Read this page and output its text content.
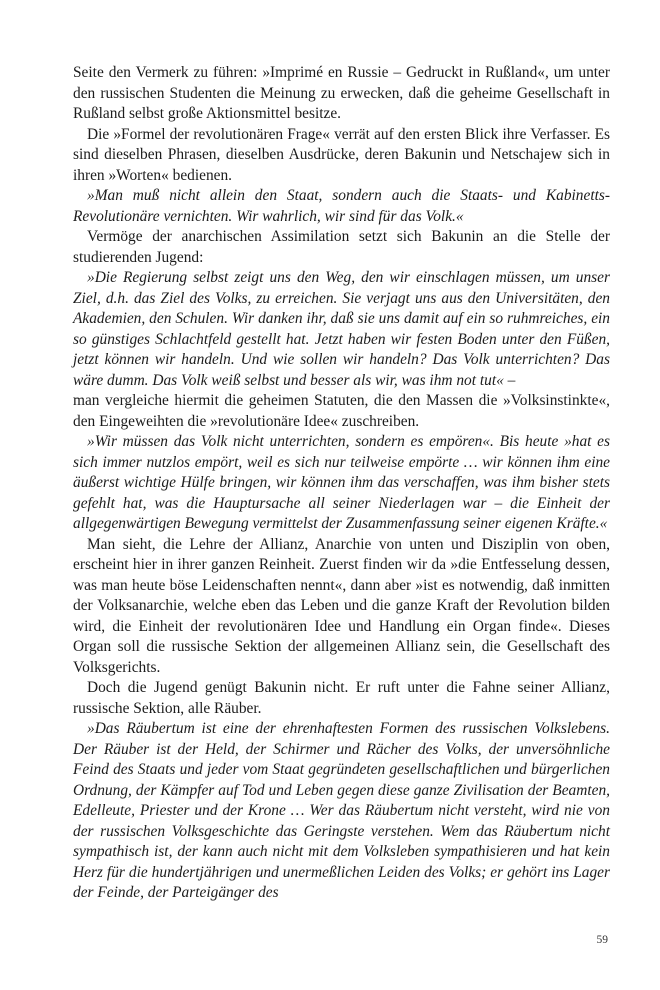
Seite den Vermerk zu führen: »Imprimé en Russie – Gedruckt in Rußland«, um unter den russischen Studenten die Meinung zu erwecken, daß die geheime Gesellschaft in Rußland selbst große Aktionsmittel besitze.

Die »Formel der revolutionären Frage« verrät auf den ersten Blick ihre Verfasser. Es sind dieselben Phrasen, dieselben Ausdrücke, deren Bakunin und Netschajew sich in ihren »Worten« bedienen.

»Man muß nicht allein den Staat, sondern auch die Staats- und Kabinetts-Revolutionäre vernichten. Wir wahrlich, wir sind für das Volk.«

Vermöge der anarchischen Assimilation setzt sich Bakunin an die Stelle der studierenden Jugend:

»Die Regierung selbst zeigt uns den Weg, den wir einschlagen müssen, um unser Ziel, d.h. das Ziel des Volks, zu erreichen. Sie verjagt uns aus den Universitäten, den Akademien, den Schulen. Wir danken ihr, daß sie uns damit auf ein so ruhmreiches, ein so günstiges Schlachtfeld gestellt hat. Jetzt haben wir festen Boden unter den Füßen, jetzt können wir handeln. Und wie sollen wir handeln? Das Volk unterrichten? Das wäre dumm. Das Volk weiß selbst und besser als wir, was ihm not tut« –

man vergleiche hiermit die geheimen Statuten, die den Massen die »Volksinstinkte«, den Eingeweihten die »revolutionäre Idee« zuschreiben.

»Wir müssen das Volk nicht unterrichten, sondern es empören«. Bis heute »hat es sich immer nutzlos empört, weil es sich nur teilweise empörte … wir können ihm eine äußerst wichtige Hülfe bringen, wir können ihm das verschaffen, was ihm bisher stets gefehlt hat, was die Hauptursache all seiner Niederlagen war – die Einheit der allgegenwärtigen Bewegung vermittelst der Zusammenfassung seiner eigenen Kräfte.«

Man sieht, die Lehre der Allianz, Anarchie von unten und Disziplin von oben, erscheint hier in ihrer ganzen Reinheit. Zuerst finden wir da »die Entfesselung dessen, was man heute böse Leidenschaften nennt«, dann aber »ist es notwendig, daß inmitten der Volksanarchie, welche eben das Leben und die ganze Kraft der Revolution bilden wird, die Einheit der revolutionären Idee und Handlung ein Organ finde«. Dieses Organ soll die russische Sektion der allgemeinen Allianz sein, die Gesellschaft des Volksgerichts.

Doch die Jugend genügt Bakunin nicht. Er ruft unter die Fahne seiner Allianz, russische Sektion, alle Räuber.

»Das Räubertum ist eine der ehrenhaftesten Formen des russischen Volkslebens. Der Räuber ist der Held, der Schirmer und Rächer des Volks, der unversöhnliche Feind des Staats und jeder vom Staat gegründeten gesellschaftlichen und bürgerlichen Ordnung, der Kämpfer auf Tod und Leben gegen diese ganze Zivilisation der Beamten, Edelleute, Priester und der Krone … Wer das Räubertum nicht versteht, wird nie von der russischen Volksgeschichte das Geringste verstehen. Wem das Räubertum nicht sympathisch ist, der kann auch nicht mit dem Volksleben sympathisieren und hat kein Herz für die hundertjährigen und unermeßlichen Leiden des Volks; er gehört ins Lager der Feinde, der Parteigänger des

59
